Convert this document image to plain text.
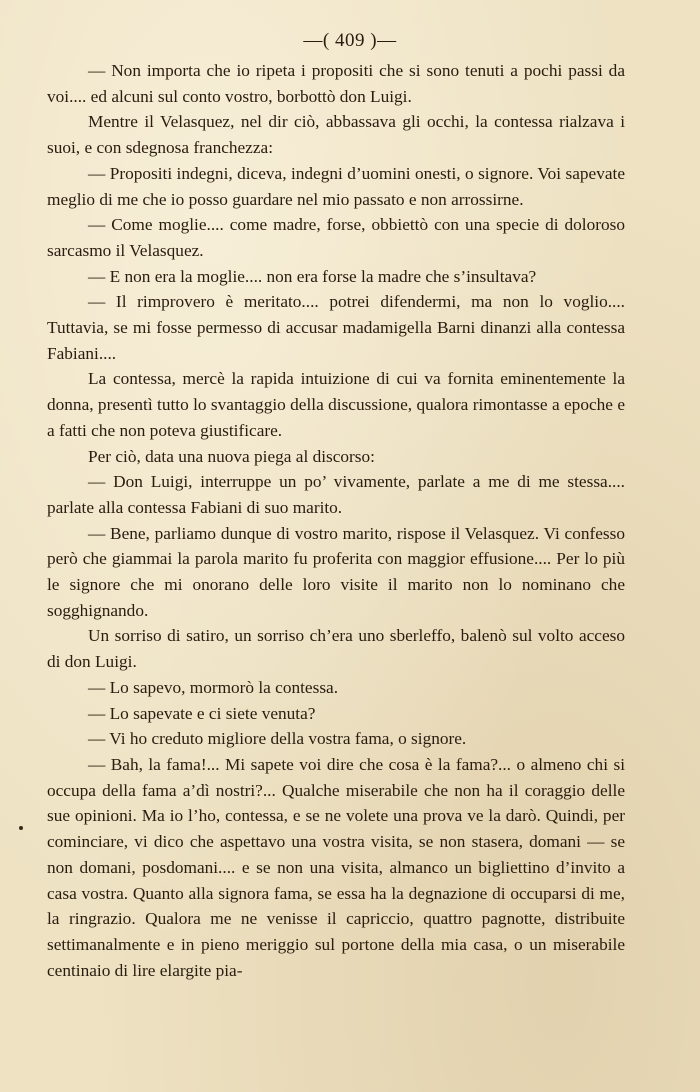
—( 409 )—

— Non importa che io ripeta i propositi che si sono tenuti a pochi passi da voi.... ed alcuni sul conto vostro, borbottò don Luigi.

Mentre il Velasquez, nel dir ciò, abbassava gli occhi, la contessa rialzava i suoi, e con sdegnosa franchezza:

— Propositi indegni, diceva, indegni d’uomini onesti, o signore. Voi sapevate meglio di me che io posso guardare nel mio passato e non arrossirne.

— Come moglie.... come madre, forse, obbiettò con una specie di doloroso sarcasmo il Velasquez.

— E non era la moglie.... non era forse la madre che s’insultava?

— Il rimprovero è meritato.... potrei difendermi, ma non lo voglio.... Tuttavia, se mi fosse permesso di accusar madamigella Barni dinanzi alla contessa Fabiani....

La contessa, mercè la rapida intuizione di cui va fornita eminentemente la donna, presentì tutto lo svantaggio della discussione, qualora rimontasse a epoche e a fatti che non poteva giustificare.

Per ciò, data una nuova piega al discorso:

— Don Luigi, interruppe un po’ vivamente, parlate a me di me stessa.... parlate alla contessa Fabiani di suo marito.

— Bene, parliamo dunque di vostro marito, rispose il Velasquez. Vi confesso però che giammai la parola marito fu proferita con maggior effusione.... Per lo più le signore che mi onorano delle loro visite il marito non lo nominano che sogghignando.

Un sorriso di satiro, un sorriso ch’era uno sberleffo, balenò sul volto acceso di don Luigi.

— Lo sapevo, mormorò la contessa.

— Lo sapevate e ci siete venuta?

— Vi ho creduto migliore della vostra fama, o signore.

— Bah, la fama!... Mi sapete voi dire che cosa è la fama?... o almeno chi si occupa della fama a’dì nostri?... Qualche miserabile che non ha il coraggio delle sue opinioni. Ma io l’ho, contessa, e se ne volete una prova ve la darò. Quindi, per cominciare, vi dico che aspettavo una vostra visita, se non stasera, domani — se non domani, posdomani.... e se non una visita, almanco un bigliettino d’invito a casa vostra. Quanto alla signora fama, se essa ha la degnazione di occuparsi di me, la ringrazio. Qualora me ne venisse il capriccio, quattro pagnotte, distribuite settimanalmente e in pieno meriggio sul portone della mia casa, o un miserabile centinaio di lire elargite pia-
